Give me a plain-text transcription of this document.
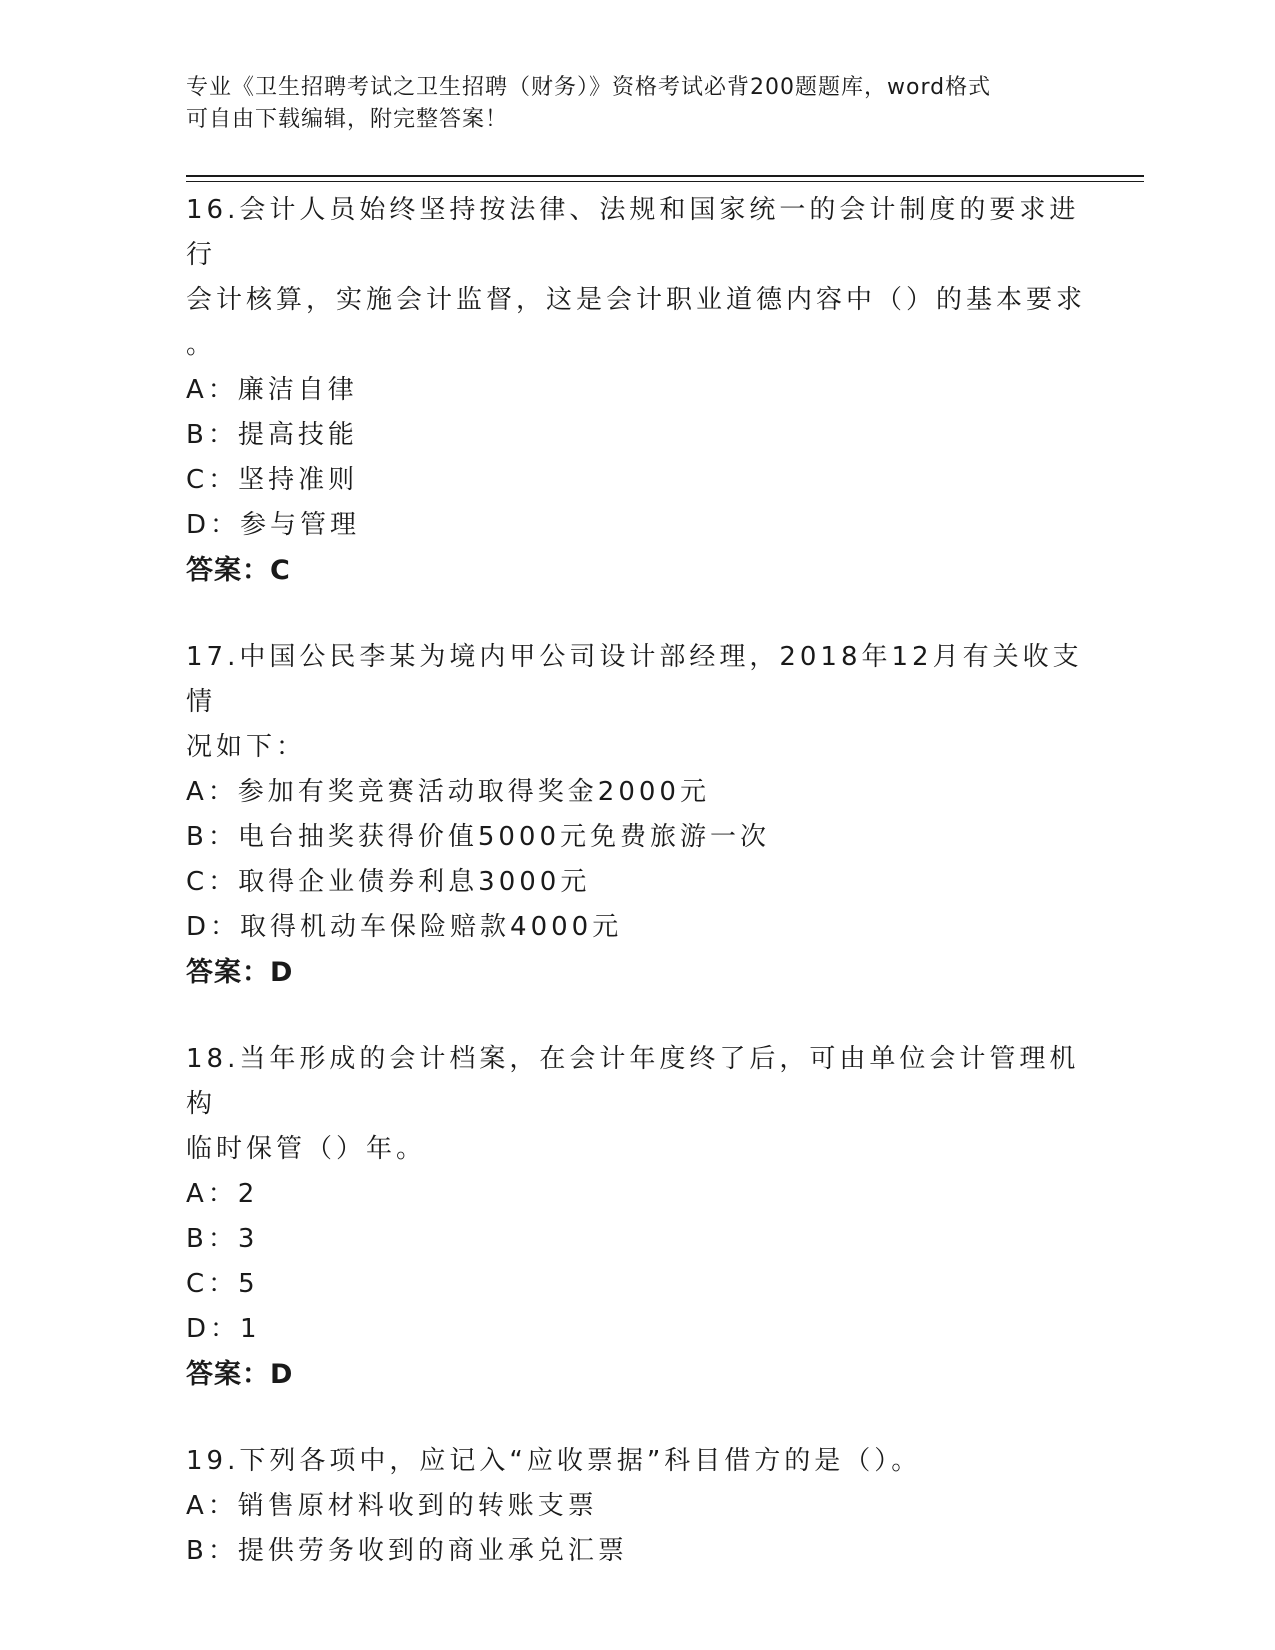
专业《卫生招聘考试之卫生招聘（财务）》资格考试必背200题题库，word格式
可自由下载编辑，附完整答案！

16.会计人员始终坚持按法律、法规和国家统一的会计制度的要求进行

会计核算，实施会计监督，这是会计职业道德内容中（）的基本要求

。

A：廉洁自律

B：提高技能

C：坚持准则

D：参与管理

答案：C

17.中国公民李某为境内甲公司设计部经理，2018年12月有关收支情

况如下：

A：参加有奖竞赛活动取得奖金2000元

B：电台抽奖获得价值5000元免费旅游一次

C：取得企业债券利息3000元

D：取得机动车保险赔款4000元

答案：D

18.当年形成的会计档案，在会计年度终了后，可由单位会计管理机构

临时保管（）年。

A：2

B：3

C：5

D：1

答案：D

19.下列各项中，应记入“应收票据”科目借方的是（）。

A：销售原材料收到的转账支票

B：提供劳务收到的商业承兑汇票
